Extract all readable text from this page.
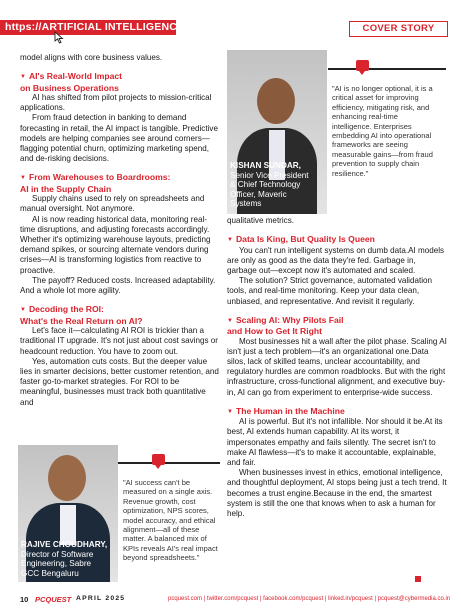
https://ARTIFICIAL INTELLIGENCE	COVER STORY

model aligns with core business values.

▼ AI's Real-World Impact
on Business Operations

AI has shifted from pilot projects to mission-critical applications.

From fraud detection in banking to demand forecasting in retail, the AI impact is tangible. Predictive models are helping companies see around corners—flagging potential churn, optimizing marketing spend, and de-risking decisions.

▼ From Warehouses to Boardrooms:
AI in the Supply Chain

Supply chains used to rely on spreadsheets and manual oversight. Not anymore.

AI is now reading historical data, monitoring real-time disruptions, and adjusting forecasts accordingly. Whether it's optimizing warehouse layouts, predicting demand spikes, or sourcing alternate vendors during crises—AI is transforming logistics from reactive to proactive.

The payoff? Reduced costs. Increased adaptability. And a whole lot more agility.

▼ Decoding the ROI:
What's the Real Return on AI?

Let's face it—calculating AI ROI is trickier than a traditional IT upgrade. It's not just about cost savings or headcount reduction. You have to zoom out.

Yes, automation cuts costs. But the deeper value lies in smarter decisions, better customer retention, and faster go-to-market strategies. For ROI to be meaningful, businesses must track both quantitative and

KISHAN SUNDAR,
Senior Vice President
& Chief Technology
Officer, Maveric
Systems
"AI is no longer optional, it is a critical asset for improving efficiency, mitigating risk, and enhancing real-time intelligence. Enterprises embedding AI into operational frameworks are seeing measurable gains—from fraud prevention to supply chain resilience."

qualitative metrics.

▼ Data Is King, But Quality Is Queen

You can't run intelligent systems on dumb data.AI models are only as good as the data they're fed. Garbage in, garbage out—except now it's automated and scaled.

The solution? Strict governance, automated validation tools, and real-time monitoring. Keep your data clean, unbiased, and representative. And revisit it regularly.

▼ Scaling AI: Why Pilots Fail
and How to Get It Right

Most businesses hit a wall after the pilot phase. Scaling AI isn't just a tech problem—it's an organizational one.Data silos, lack of skilled teams, unclear accountability, and regulatory hurdles are common roadblocks. But with the right infrastructure, cross-functional alignment, and executive buy-in, AI can go from experiment to enterprise-wide success.

▼ The Human in the Machine

AI is powerful. But it's not infallible. Nor should it be.At its best, AI extends human capability. At its worst, it impersonates empathy and fails silently. The secret isn't to make AI flawless—it's to make it accountable, explainable, and fair.

When businesses invest in ethics, emotional intelligence, and thoughtful deployment, AI stops being just a tech trend. It becomes a trust engine.Because in the end, the smartest system is still the one that knows when to ask a human for help.

RAJIVE CHOUDHARY,
Director of Software
Engineering, Sabre
GCC Bengaluru
"AI success can't be measured on a single axis. Revenue growth, cost optimization, NPS scores, model accuracy, and ethical alignment—all of these matter. A balanced mix of KPIs reveals AI's real impact beyond spreadsheets."
10 PCQUEST APRIL 2025	pcquest.com | twitter.com/pcquest | facebook.com/pcquest | linked.in/pcquest | pcquest@cybermedia.co.in
